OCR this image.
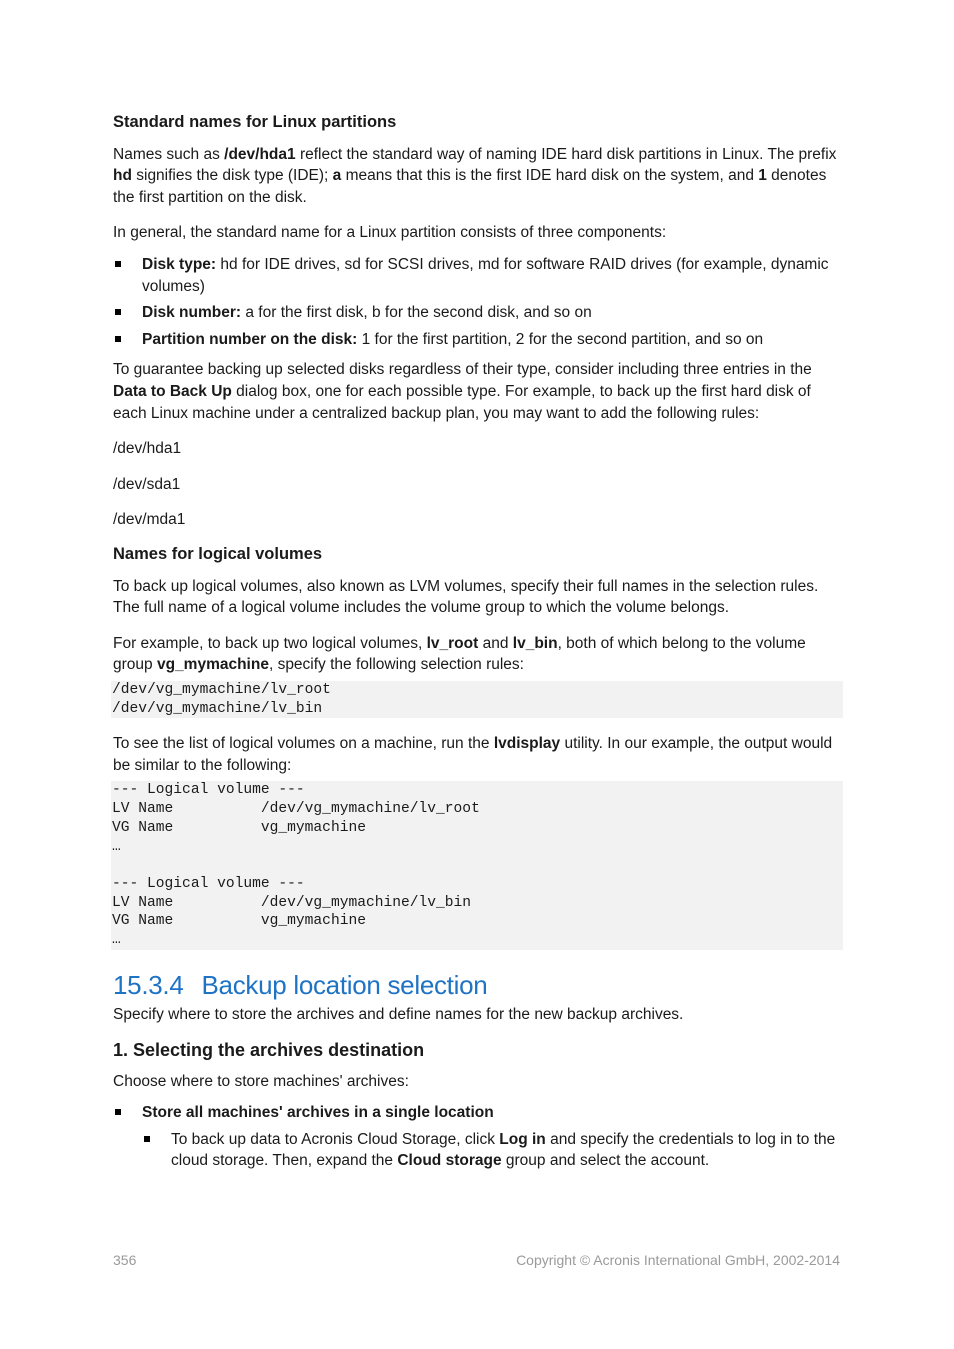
Standard names for Linux partitions

Names such as /dev/hda1 reflect the standard way of naming IDE hard disk partitions in Linux. The prefix hd signifies the disk type (IDE); a means that this is the first IDE hard disk on the system, and 1 denotes the first partition on the disk.

In general, the standard name for a Linux partition consists of three components:

Disk type: hd for IDE drives, sd for SCSI drives, md for software RAID drives (for example, dynamic volumes)
Disk number: a for the first disk, b for the second disk, and so on
Partition number on the disk: 1 for the first partition, 2 for the second partition, and so on

To guarantee backing up selected disks regardless of their type, consider including three entries in the Data to Back Up dialog box, one for each possible type. For example, to back up the first hard disk of each Linux machine under a centralized backup plan, you may want to add the following rules:

/dev/hda1

/dev/sda1

/dev/mda1

Names for logical volumes

To back up logical volumes, also known as LVM volumes, specify their full names in the selection rules. The full name of a logical volume includes the volume group to which the volume belongs.

For example, to back up two logical volumes, lv_root and lv_bin, both of which belong to the volume group vg_mymachine, specify the following selection rules:

/dev/vg_mymachine/lv_root
/dev/vg_mymachine/lv_bin

To see the list of logical volumes on a machine, run the lvdisplay utility. In our example, the output would be similar to the following:

--- Logical volume ---
LV Name          /dev/vg_mymachine/lv_root
VG Name          vg_mymachine
…

--- Logical volume ---
LV Name          /dev/vg_mymachine/lv_bin
VG Name          vg_mymachine
…

15.3.4 Backup location selection

Specify where to store the archives and define names for the new backup archives.

1. Selecting the archives destination

Choose where to store machines' archives:

Store all machines' archives in a single location
To back up data to Acronis Cloud Storage, click Log in and specify the credentials to log in to the cloud storage. Then, expand the Cloud storage group and select the account.
356	Copyright © Acronis International GmbH, 2002-2014
